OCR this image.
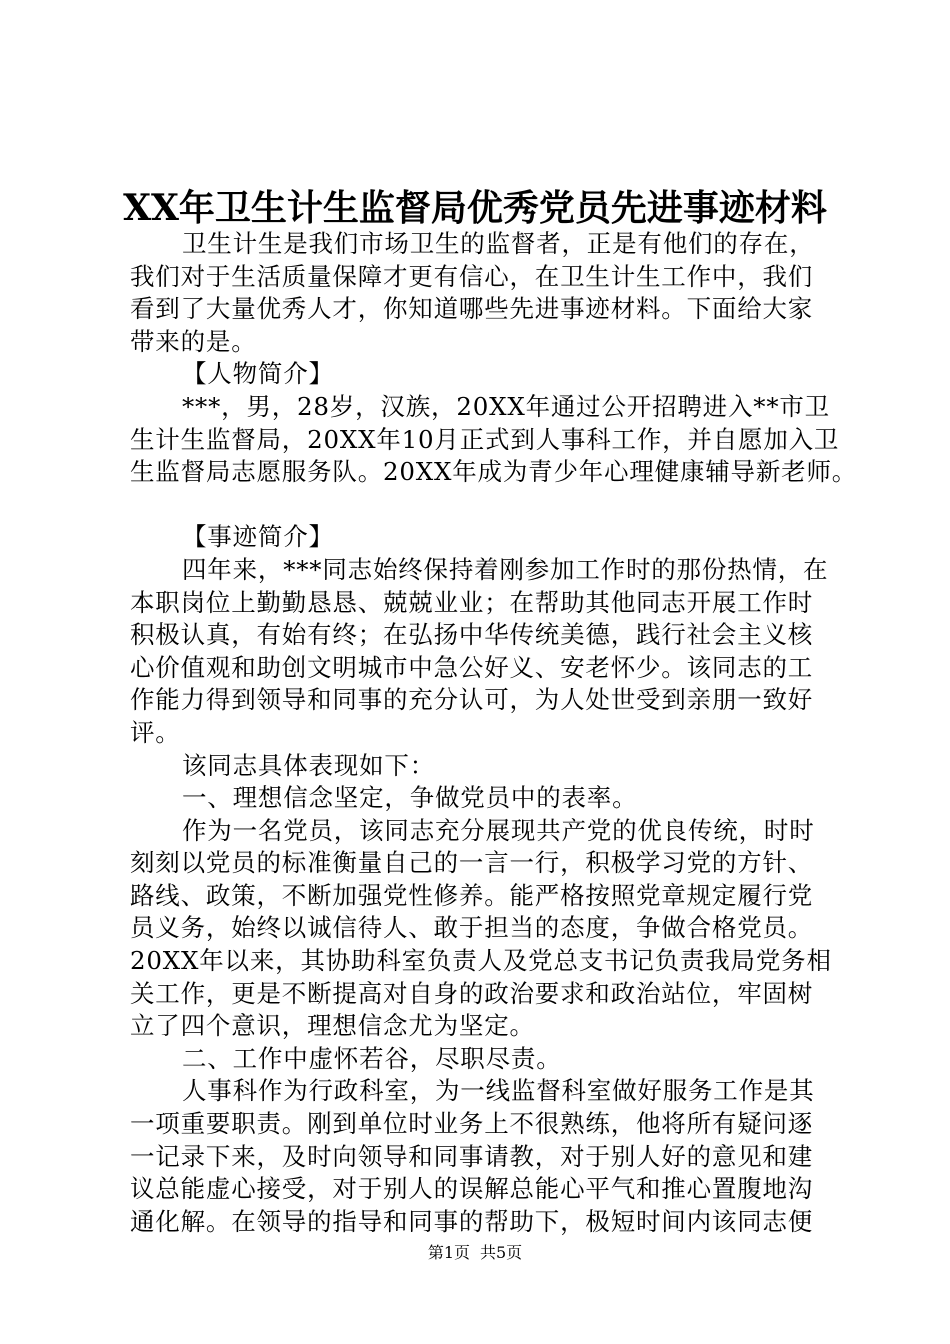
XX年卫生计生监督局优秀党员先进事迹材料
卫生计生是我们市场卫生的监督者，正是有他们的存在，
我们对于生活质量保障才更有信心，在卫生计生工作中，我们
看到了大量优秀人才，你知道哪些先进事迹材料。下面给大家
带来的是。
【人物简介】
***，男，28岁，汉族，20XX年通过公开招聘进入**市卫
生计生监督局，20XX年10月正式到人事科工作，并自愿加入卫
生监督局志愿服务队。20XX年成为青少年心理健康辅导新老师。
【事迹简介】
四年来，***同志始终保持着刚参加工作时的那份热情，在
本职岗位上勤勤恳恳、兢兢业业；在帮助其他同志开展工作时
积极认真，有始有终；在弘扬中华传统美德，践行社会主义核
心价值观和助创文明城市中急公好义、安老怀少。该同志的工
作能力得到领导和同事的充分认可，为人处世受到亲朋一致好
评。
该同志具体表现如下：
一、理想信念坚定，争做党员中的表率。
作为一名党员，该同志充分展现共产党的优良传统，时时
刻刻以党员的标准衡量自己的一言一行，积极学习党的方针、
路线、政策，不断加强党性修养。能严格按照党章规定履行党
员义务，始终以诚信待人、敢于担当的态度，争做合格党员。
20XX年以来，其协助科室负责人及党总支书记负责我局党务相
关工作，更是不断提高对自身的政治要求和政治站位，牢固树
立了四个意识，理想信念尤为坚定。
二、工作中虚怀若谷，尽职尽责。
人事科作为行政科室，为一线监督科室做好服务工作是其
一项重要职责。刚到单位时业务上不很熟练，他将所有疑问逐
一记录下来，及时向领导和同事请教，对于别人好的意见和建
议总能虚心接受，对于别人的误解总能心平气和推心置腹地沟
通化解。在领导的指导和同事的帮助下，极短时间内该同志便
第1页 共5页
